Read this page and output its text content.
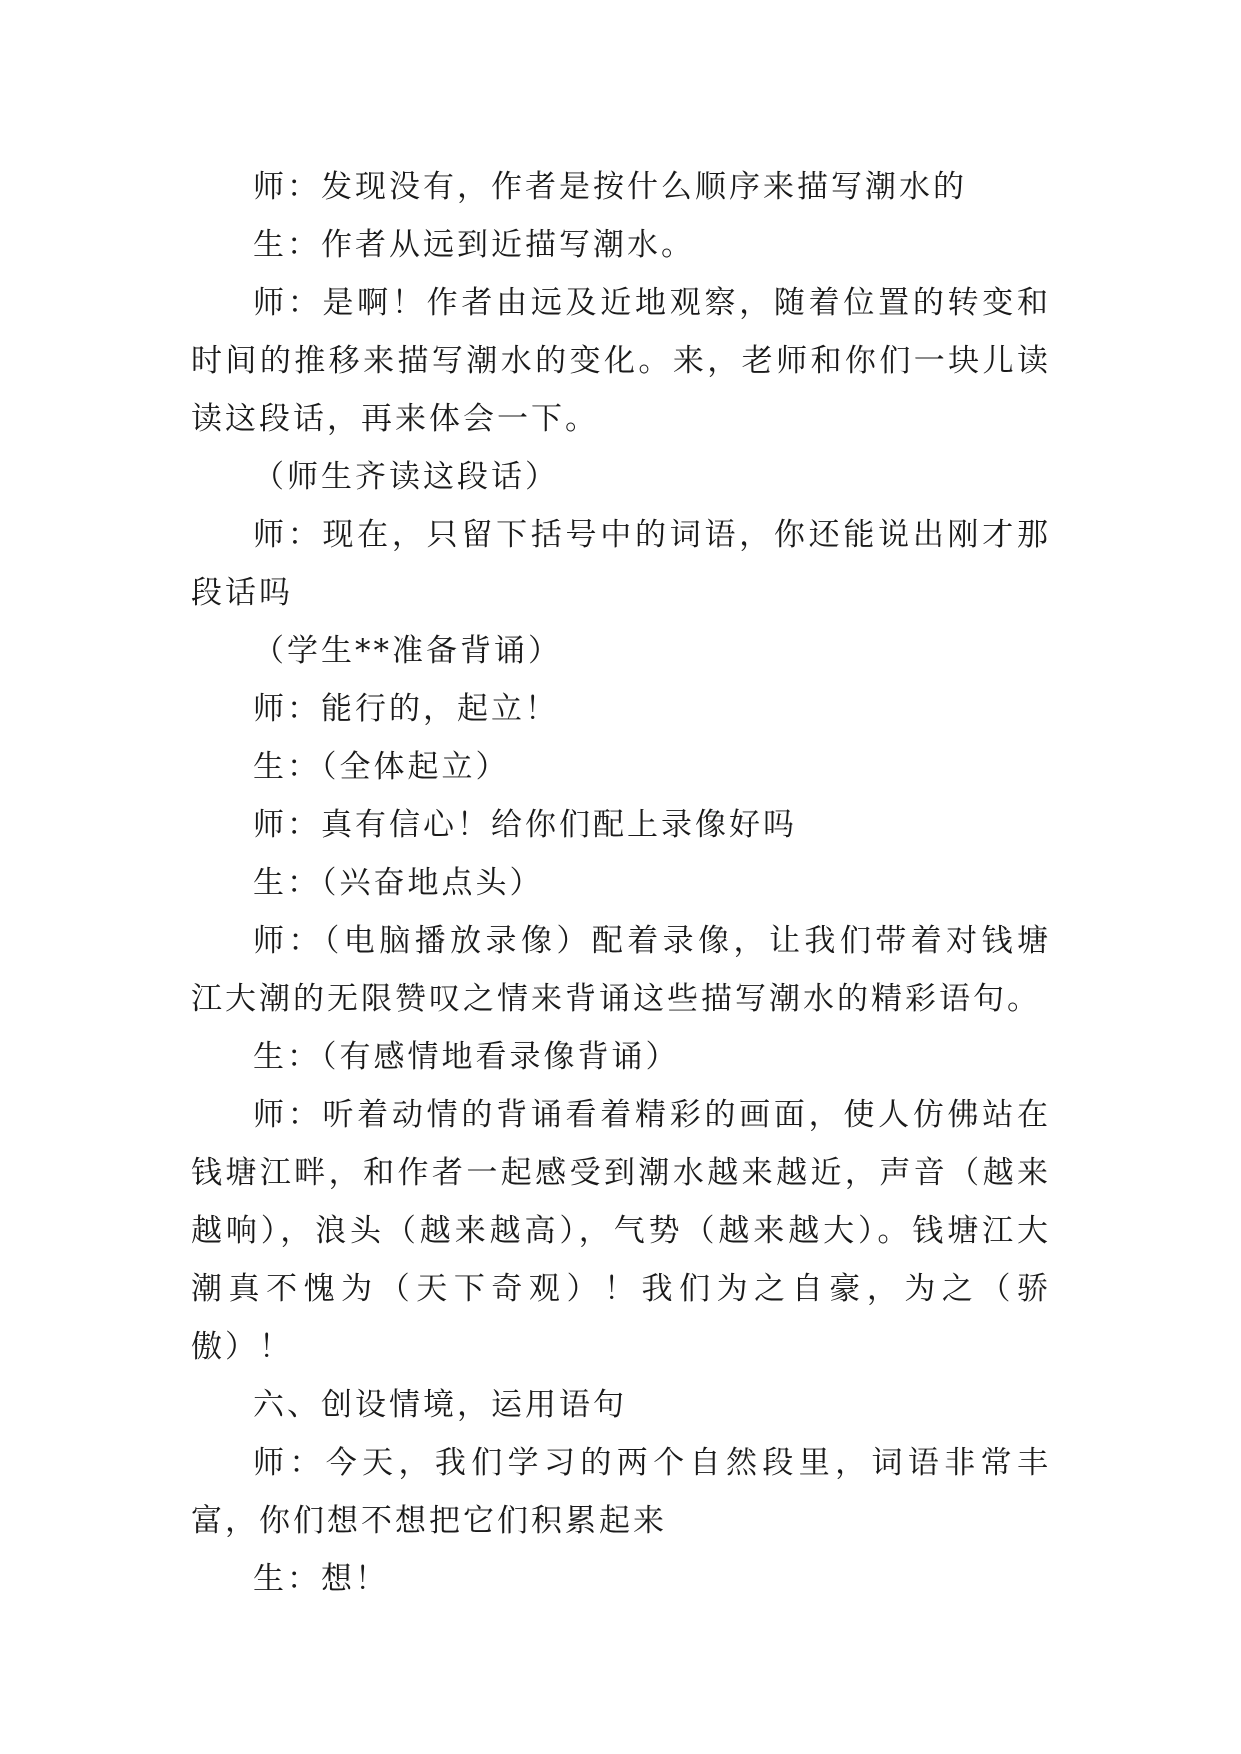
师：发现没有，作者是按什么顺序来描写潮水的

生：作者从远到近描写潮水。

师：是啊！作者由远及近地观察，随着位置的转变和时间的推移来描写潮水的变化。来，老师和你们一块儿读读这段话，再来体会一下。

（师生齐读这段话）

师：现在，只留下括号中的词语，你还能说出刚才那段话吗

（学生**准备背诵）

师：能行的，起立！

生：（全体起立）

师：真有信心！给你们配上录像好吗

生：（兴奋地点头）

师：（电脑播放录像）配着录像，让我们带着对钱塘江大潮的无限赞叹之情来背诵这些描写潮水的精彩语句。

生：（有感情地看录像背诵）

师：听着动情的背诵看着精彩的画面，使人仿佛站在钱塘江畔，和作者一起感受到潮水越来越近，声音（越来越响），浪头（越来越高），气势（越来越大）。钱塘江大潮真不愧为（天下奇观）！我们为之自豪，为之（骄傲）！

六、创设情境，运用语句

师：今天，我们学习的两个自然段里，词语非常丰富，你们想不想把它们积累起来

生：想！
